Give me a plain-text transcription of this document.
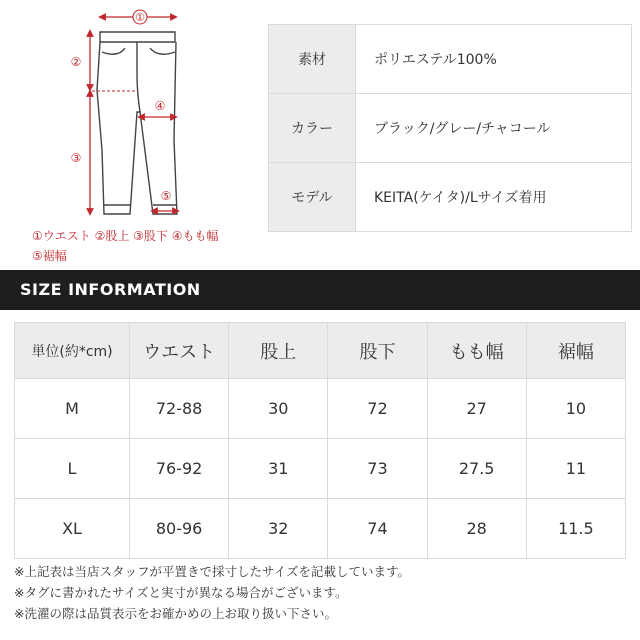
①
②
③
④
⑤
①ウエスト ②股上 ③股下 ④もも幅
⑤裾幅
素材	ポリエステル100%
カラー	ブラック/グレー/チャコール
モデル	KEITA(ケイタ)/Lサイズ着用
SIZE INFORMATION
単位(約*cm)	ウエスト	股上	股下	もも幅	裾幅
M	72-88	30	72	27	10
L	76-92	31	73	27.5	11
XL	80-96	32	74	28	11.5
※上記表は当店スタッフが平置きで採寸したサイズを記載しています。
※タグに書かれたサイズと実寸が異なる場合がございます。
※洗濯の際は品質表示をお確かめの上お取り扱い下さい。
